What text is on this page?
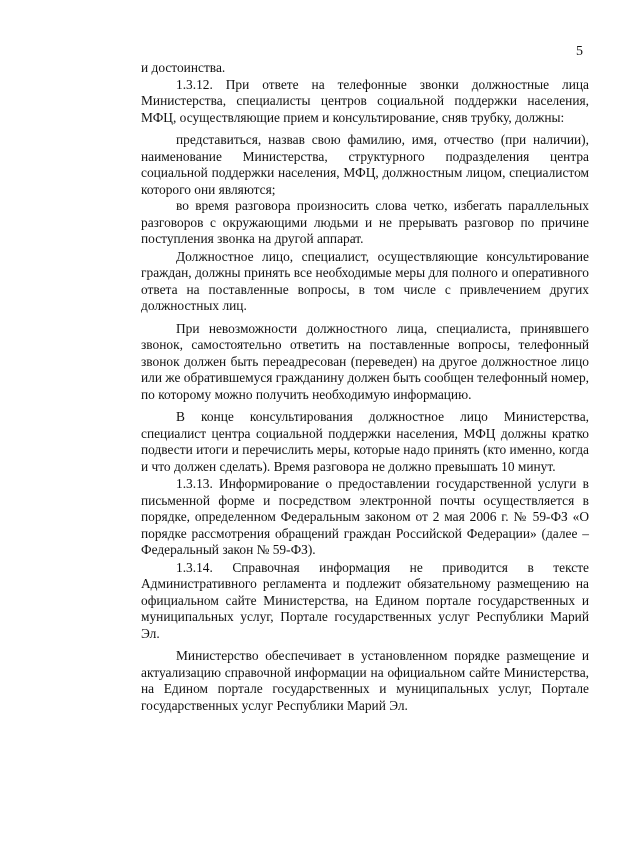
5

и достоинства.

1.3.12. При ответе на телефонные звонки должностные лица Министерства, специалисты центров социальной поддержки населения, МФЦ, осуществляющие прием и консультирование, сняв трубку, должны:

представиться, назвав свою фамилию, имя, отчество (при наличии), наименование Министерства, структурного подразделения центра социальной поддержки населения, МФЦ, должностным лицом, специалистом которого они являются;

во время разговора произносить слова четко, избегать параллельных разговоров с окружающими людьми и не прерывать разговор по причине поступления звонка на другой аппарат.

Должностное лицо, специалист, осуществляющие консультирование граждан, должны принять все необходимые меры для полного и оперативного ответа на поставленные вопросы, в том числе с привлечением других должностных лиц.

При невозможности должностного лица, специалиста, принявшего звонок, самостоятельно ответить на поставленные вопросы, телефонный звонок должен быть переадресован (переведен) на другое должностное лицо или же обратившемуся гражданину должен быть сообщен телефонный номер, по которому можно получить необходимую информацию.

В конце консультирования должностное лицо Министерства, специалист центра социальной поддержки населения, МФЦ должны кратко подвести итоги и перечислить меры, которые надо принять (кто именно, когда и что должен сделать). Время разговора не должно превышать 10 минут.

1.3.13. Информирование о предоставлении государственной услуги в письменной форме и посредством электронной почты осуществляется в порядке, определенном Федеральным законом от 2 мая 2006 г. № 59-ФЗ «О порядке рассмотрения обращений граждан Российской Федерации» (далее – Федеральный закон № 59-ФЗ).

1.3.14. Справочная информация не приводится в тексте Административного регламента и подлежит обязательному размещению на официальном сайте Министерства, на Едином портале государственных и муниципальных услуг, Портале государственных услуг Республики Марий Эл.

Министерство обеспечивает в установленном порядке размещение и актуализацию справочной информации на официальном сайте Министерства, на Едином портале государственных и муниципальных услуг, Портале государственных услуг Республики Марий Эл.
